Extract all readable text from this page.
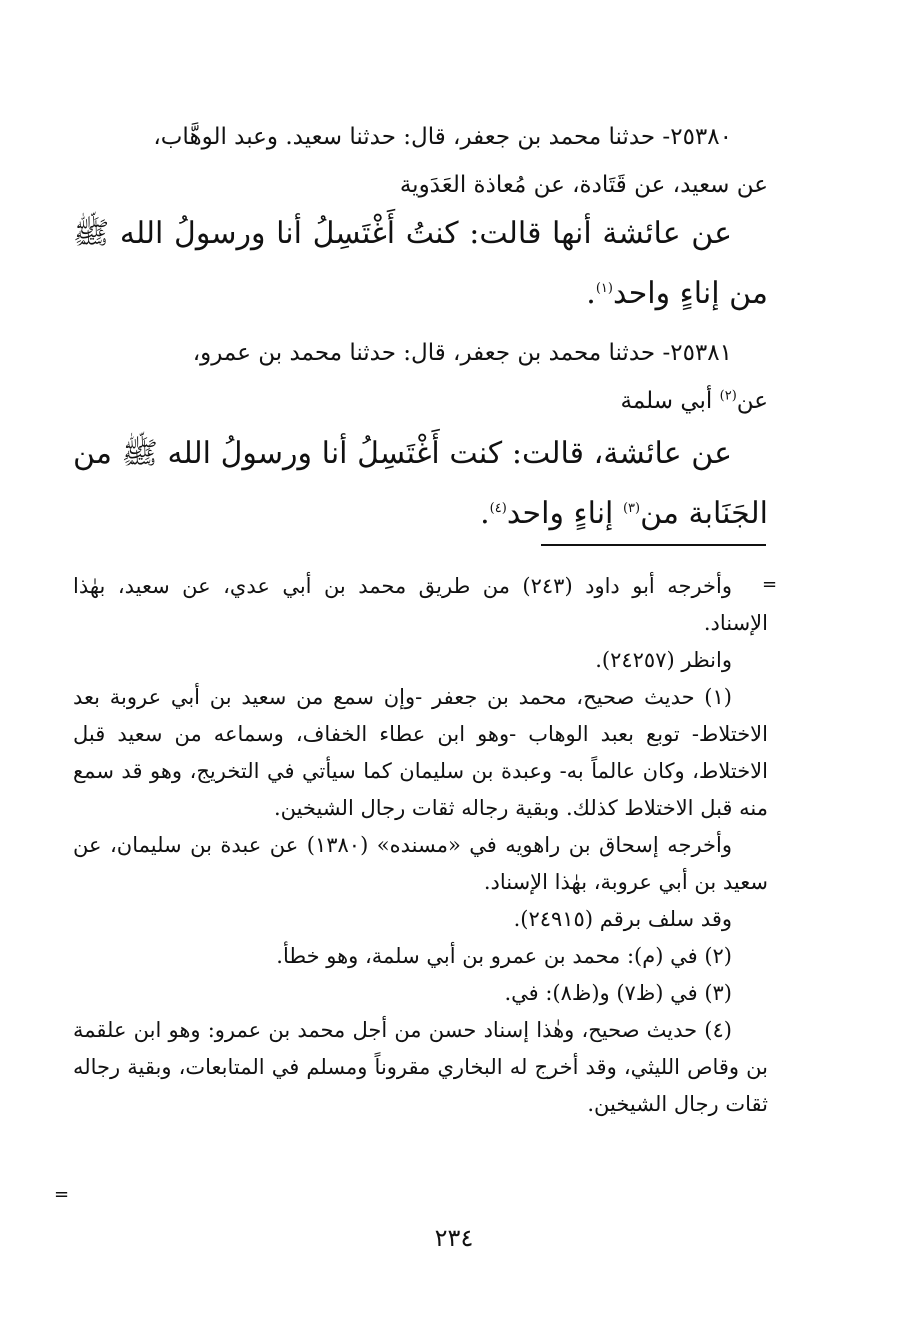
٢٥٣٨٠- حدثنا محمد بن جعفر، قال: حدثنا سعيد. وعبد الوهَّاب،

عن سعيد، عن قَتَادة، عن مُعاذة العَدَوية

عن عائشة أنها قالت: كنتُ أَغْتَسِلُ أنا ورسولُ الله ﷺ من إناءٍ واحد$^{(١)}$.

٢٥٣٨١- حدثنا محمد بن جعفر، قال: حدثنا محمد بن عمرو،

عن$^{(٢)}$ أبي سلمة

عن عائشة، قالت: كنت أَغْتَسِلُ أنا ورسولُ الله ﷺ من الجَنَابة من$^{(٣)}$ إناءٍ واحد$^{(٤)}$.
=

وأخرجه أبو داود (٢٤٣) من طريق محمد بن أبي عدي، عن سعيد، بهٰذا الإسناد.

وانظر (٢٤٢٥٧).

(١) حديث صحيح، محمد بن جعفر -وإن سمع من سعيد بن أبي عروبة بعد الاختلاط- توبع بعبد الوهاب -وهو ابن عطاء الخفاف، وسماعه من سعيد قبل الاختلاط، وكان عالماً به- وعبدة بن سليمان كما سيأتي في التخريج، وهو قد سمع منه قبل الاختلاط كذلك. وبقية رجاله ثقات رجال الشيخين.

وأخرجه إسحاق بن راهويه في «مسنده» (١٣٨٠) عن عبدة بن سليمان، عن سعيد بن أبي عروبة، بهٰذا الإسناد.

وقد سلف برقم (٢٤٩١٥).

(٢) في (م): محمد بن عمرو بن أبي سلمة، وهو خطأ.

(٣) في (ظ٧) و(ظ٨): في.

(٤) حديث صحيح، وهٰذا إسناد حسن من أجل محمد بن عمرو: وهو ابن علقمة بن وقاص الليثي، وقد أخرج له البخاري مقروناً ومسلم في المتابعات، وبقية رجاله ثقات رجال الشيخين.

=
٢٣٤
